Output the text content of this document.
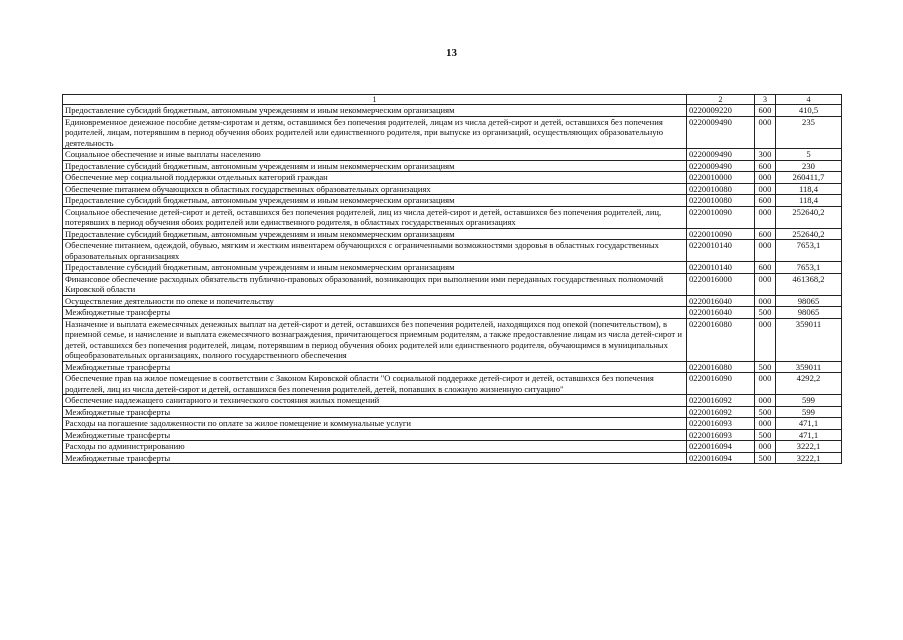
13
1	2	3	4
Предоставление субсидий бюджетным, автономным учреждениям и иным некоммерческим организациям	0220009220	600	410,5
Единовременное денежное пособие детям-сиротам и детям, оставшимся без попечения родителей, лицам из числа детей-сирот и детей, оставшихся без попечения родителей, лицам, потерявшим в период обучения обоих родителей или единственного родителя, при выпуске из организаций, осуществляющих образовательную деятельность	0220009490	000	235
Социальное обеспечение и иные выплаты населению	0220009490	300	5
Предоставление субсидий бюджетным, автономным учреждениям и иным некоммерческим организациям	0220009490	600	230
Обеспечение мер социальной поддержки отдельных категорий граждан	0220010000	000	260411,7
Обеспечение питанием обучающихся в областных государственных образовательных организациях	0220010080	000	118,4
Предоставление субсидий бюджетным, автономным учреждениям и иным некоммерческим организациям	0220010080	600	118,4
Социальное обеспечение детей-сирот и детей, оставшихся без попечения родителей, лиц из числа детей-сирот и детей, оставшихся без попечения родителей, лиц, потерявших в период обучения обоих родителей или единственного родителя, в областных государственных организациях	0220010090	000	252640,2
Предоставление субсидий бюджетным, автономным учреждениям и иным некоммерческим организациям	0220010090	600	252640,2
Обеспечение питанием, одеждой, обувью, мягким и жестким инвентарем обучающихся с ограниченными возможностями здоровья в областных государственных образовательных организациях	0220010140	000	7653,1
Предоставление субсидий бюджетным, автономным учреждениям и иным некоммерческим организациям	0220010140	600	7653,1
Финансовое обеспечение расходных обязательств публично-правовых образований, возникающих при выполнении ими переданных государственных полномочий Кировской области	0220016000	000	461368,2
Осуществление деятельности по опеке и попечительству	0220016040	000	98065
Межбюджетные трансферты	0220016040	500	98065
Назначение и выплата ежемесячных денежных выплат на детей-сирот и детей, оставшихся без попечения родителей, находящихся под опекой (попечительством), в приемной семье, и начисление и выплата ежемесячного вознаграждения, причитающегося приемным родителям, а также предоставление лицам из числа детей-сирот и детей, оставшихся без попечения родителей, лицам, потерявшим в период обучения обоих родителей или единственного родителя, обучающимся в муниципальных общеобразовательных организациях, полного государственного обеспечения	0220016080	000	359011
Межбюджетные трансферты	0220016080	500	359011
Обеспечение прав на жилое помещение в соответствии с Законом Кировской области "О социальной поддержке детей-сирот и детей, оставшихся без попечения родителей, лиц из числа детей-сирот и детей, оставшихся без попечения родителей, детей, попавших в сложную жизненную ситуацию"	0220016090	000	4292,2
Обеспечение надлежащего санитарного и технического состояния жилых помещений	0220016092	000	599
Межбюджетные трансферты	0220016092	500	599
Расходы на погашение задолженности по оплате за жилое помещение и коммунальные услуги	0220016093	000	471,1
Межбюджетные трансферты	0220016093	500	471,1
Расходы по администрированию	0220016094	000	3222,1
Межбюджетные трансферты	0220016094	500	3222,1
